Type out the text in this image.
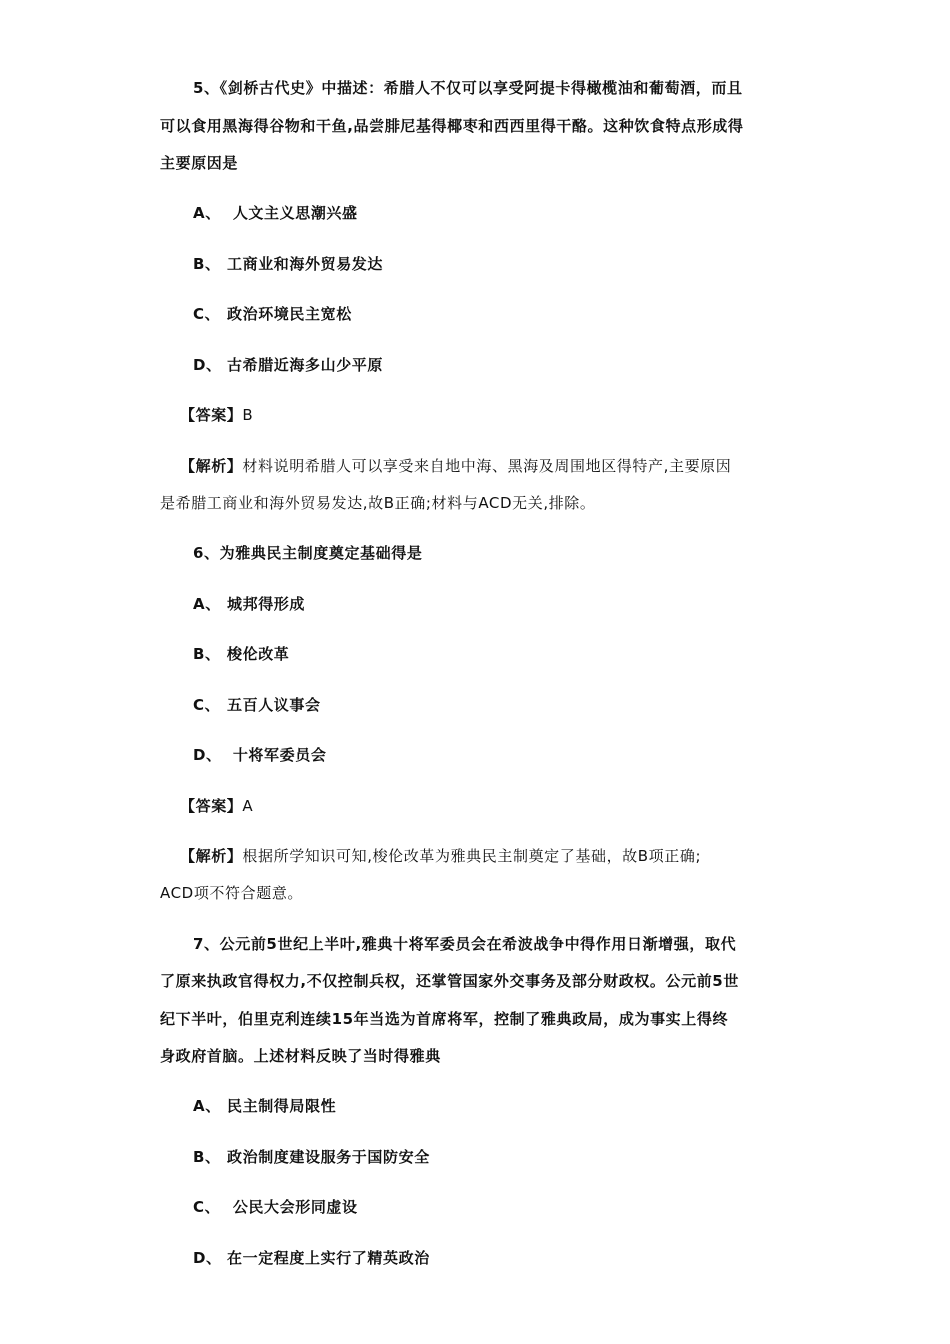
5、《剑桥古代史》中描述：希腊人不仅可以享受阿提卡得橄榄油和葡萄酒，而且
可以食用黑海得谷物和干鱼,品尝腓尼基得椰枣和西西里得干酪。这种饮食特点形成得
主要原因是
A、 人文主义思潮兴盛
B、 工商业和海外贸易发达
C、 政治环境民主宽松
D、 古希腊近海多山少平原
【答案】B
【解析】材料说明希腊人可以享受来自地中海、黑海及周围地区得特产,主要原因
是希腊工商业和海外贸易发达,故B正确;材料与ACD无关,排除。
6、为雅典民主制度奠定基础得是
A、 城邦得形成
B、 梭伦改革
C、 五百人议事会
D、 十将军委员会
【答案】A
【解析】根据所学知识可知,梭伦改革为雅典民主制奠定了基础，故B项正确;
ACD项不符合题意。
7、公元前5世纪上半叶,雅典十将军委员会在希波战争中得作用日渐增强，取代
了原来执政官得权力,不仅控制兵权，还掌管国家外交事务及部分财政权。公元前5世
纪下半叶，伯里克利连续15年当选为首席将军，控制了雅典政局，成为事实上得终
身政府首脑。上述材料反映了当时得雅典
A、 民主制得局限性
B、 政治制度建设服务于国防安全
C、 公民大会形同虚设
D、 在一定程度上实行了精英政治
